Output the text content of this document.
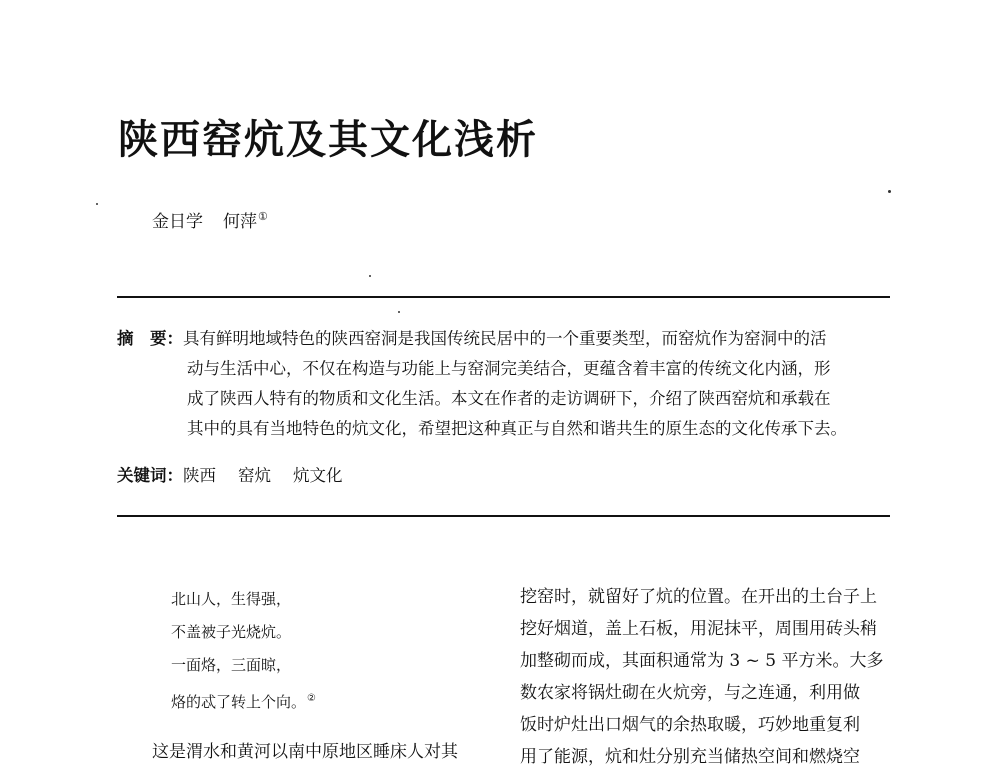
陕西窑炕及其文化浅析
金日学 何萍①
摘　要： 具有鲜明地域特色的陕西窑洞是我国传统民居中的一个重要类型，而窑炕作为窑洞中的活
动与生活中心，不仅在构造与功能上与窑洞完美结合，更蕴含着丰富的传统文化内涵，形
成了陕西人特有的物质和文化生活。本文在作者的走访调研下，介绍了陕西窑炕和承载在
其中的具有当地特色的炕文化，希望把这种真正与自然和谐共生的原生态的文化传承下去。
关键词：陕西 窑炕 炕文化
北山人，生得强，
不盖被子光烧炕。
一面烙，三面晾，
烙的忒了转上个向。②
这是渭水和黄河以南中原地区睡床人对其
挖窑时，就留好了炕的位置。在开出的土台子上
挖好烟道，盖上石板，用泥抹平，周围用砖头稍
加整砌而成，其面积通常为 3 ~ 5 平方米。大多
数农家将锅灶砌在火炕旁，与之连通，利用做
饭时炉灶出口烟气的余热取暖，巧妙地重复利
用了能源，炕和灶分别充当储热空间和燃烧空
